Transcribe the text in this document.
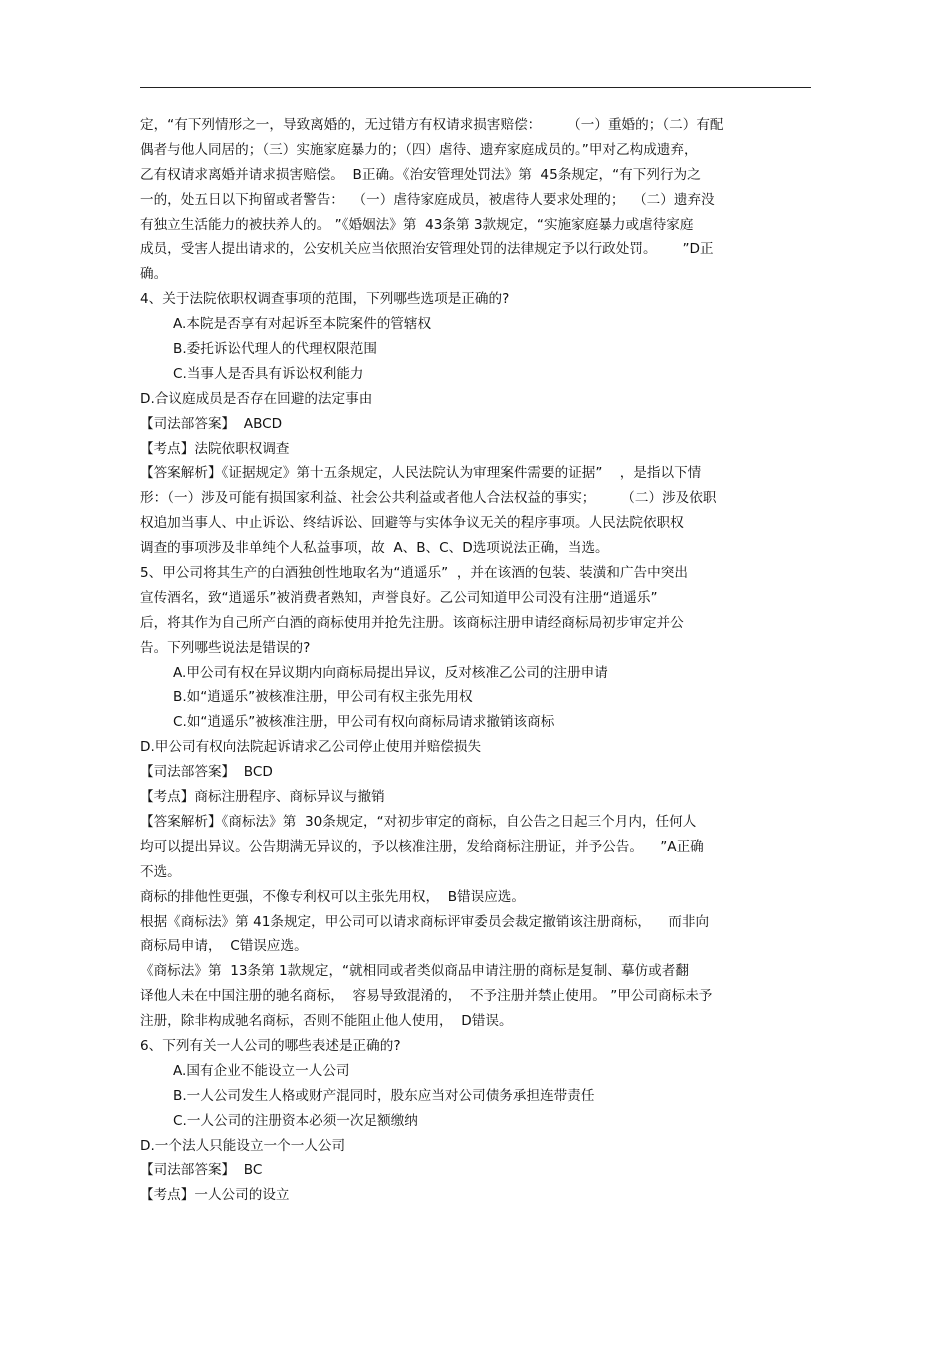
定，“有下列情形之一，导致离婚的，无过错方有权请求损害赔偿：      （一）重婚的；（二）有配
偶者与他人同居的；（三）实施家庭暴力的；（四）虐待、遗弃家庭成员的。”甲对乙构成遗弃，
乙有权请求离婚并请求损害赔偿。  B正确。《治安管理处罚法》第  45条规定，“有下列行为之
一的，处五日以下拘留或者警告：  （一）虐待家庭成员，被虐待人要求处理的；  （二）遗弃没
有独立生活能力的被扶养人的。 ”《婚姻法》第  43条第 3款规定，“实施家庭暴力或虐待家庭
成员，受害人提出请求的，公安机关应当依照治安管理处罚的法律规定予以行政处罚。      ”D正
确。
4、关于法院依职权调查事项的范围，下列哪些选项是正确的?
A.本院是否享有对起诉至本院案件的管辖权
B.委托诉讼代理人的代理权限范围
C.当事人是否具有诉讼权利能力
D.合议庭成员是否存在回避的法定事由
【司法部答案】  ABCD
【考点】法院依职权调查
【答案解析】《证据规定》第十五条规定，人民法院认为审理案件需要的证据”    ，是指以下情
形：（一）涉及可能有损国家利益、社会公共利益或者他人合法权益的事实；      （二）涉及依职
权追加当事人、中止诉讼、终结诉讼、回避等与实体争议无关的程序事项。人民法院依职权
调查的事项涉及非单纯个人私益事项，故  A、B、C、D选项说法正确，当选。
5、甲公司将其生产的白酒独创性地取名为“逍遥乐”  ，并在该酒的包装、装潢和广告中突出
宣传酒名，致“逍遥乐”被消费者熟知，声誉良好。乙公司知道甲公司没有注册“逍遥乐”
后，将其作为自己所产白酒的商标使用并抢先注册。该商标注册申请经商标局初步审定并公
告。下列哪些说法是错误的?
A.甲公司有权在异议期内向商标局提出异议，反对核准乙公司的注册申请
B.如“逍遥乐”被核准注册，甲公司有权主张先用权
C.如“逍遥乐”被核准注册，甲公司有权向商标局请求撤销该商标
D.甲公司有权向法院起诉请求乙公司停止使用并赔偿损失
【司法部答案】  BCD
【考点】商标注册程序、商标异议与撤销
【答案解析】《商标法》第  30条规定，“对初步审定的商标，自公告之日起三个月内，任何人
均可以提出异议。公告期满无异议的，予以核准注册，发给商标注册证，并予公告。    ”A正确
不选。
商标的排他性更强，不像专利权可以主张先用权，  B错误应选。
根据《商标法》第 41条规定，甲公司可以请求商标评审委员会裁定撤销该注册商标，    而非向
商标局申请，  C错误应选。
《商标法》第  13条第 1款规定，“就相同或者类似商品申请注册的商标是复制、摹仿或者翻
译他人未在中国注册的驰名商标，  容易导致混淆的，  不予注册并禁止使用。 ”甲公司商标未予
注册，除非构成驰名商标，否则不能阻止他人使用，  D错误。
6、下列有关一人公司的哪些表述是正确的?
A.国有企业不能设立一人公司
B.一人公司发生人格或财产混同时，股东应当对公司债务承担连带责任
C.一人公司的注册资本必须一次足额缴纳
D.一个法人只能设立一个一人公司
【司法部答案】  BC
【考点】一人公司的设立
